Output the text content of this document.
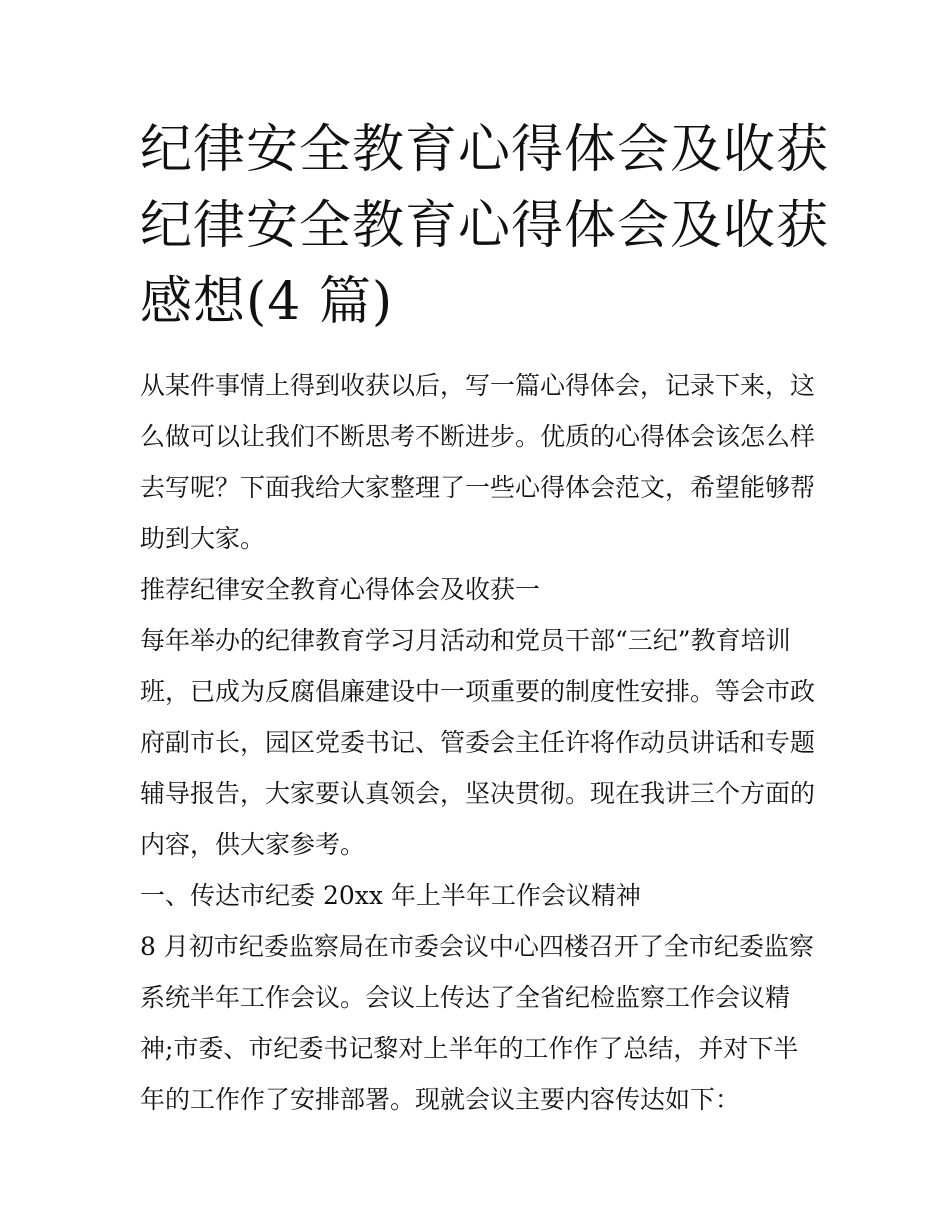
纪律安全教育心得体会及收获
纪律安全教育心得体会及收获
感想(4 篇)
从某件事情上得到收获以后，写一篇心得体会，记录下来，这
么做可以让我们不断思考不断进步。优质的心得体会该怎么样
去写呢？下面我给大家整理了一些心得体会范文，希望能够帮
助到大家。
推荐纪律安全教育心得体会及收获一
每年举办的纪律教育学习月活动和党员干部“三纪”教育培训
班，已成为反腐倡廉建设中一项重要的制度性安排。等会市政
府副市长，园区党委书记、管委会主任许将作动员讲话和专题
辅导报告，大家要认真领会，坚决贯彻。现在我讲三个方面的
内容，供大家参考。
一、传达市纪委 20xx 年上半年工作会议精神
8 月初市纪委监察局在市委会议中心四楼召开了全市纪委监察
系统半年工作会议。会议上传达了全省纪检监察工作会议精
神;市委、市纪委书记黎对上半年的工作作了总结，并对下半
年的工作作了安排部署。现就会议主要内容传达如下：
